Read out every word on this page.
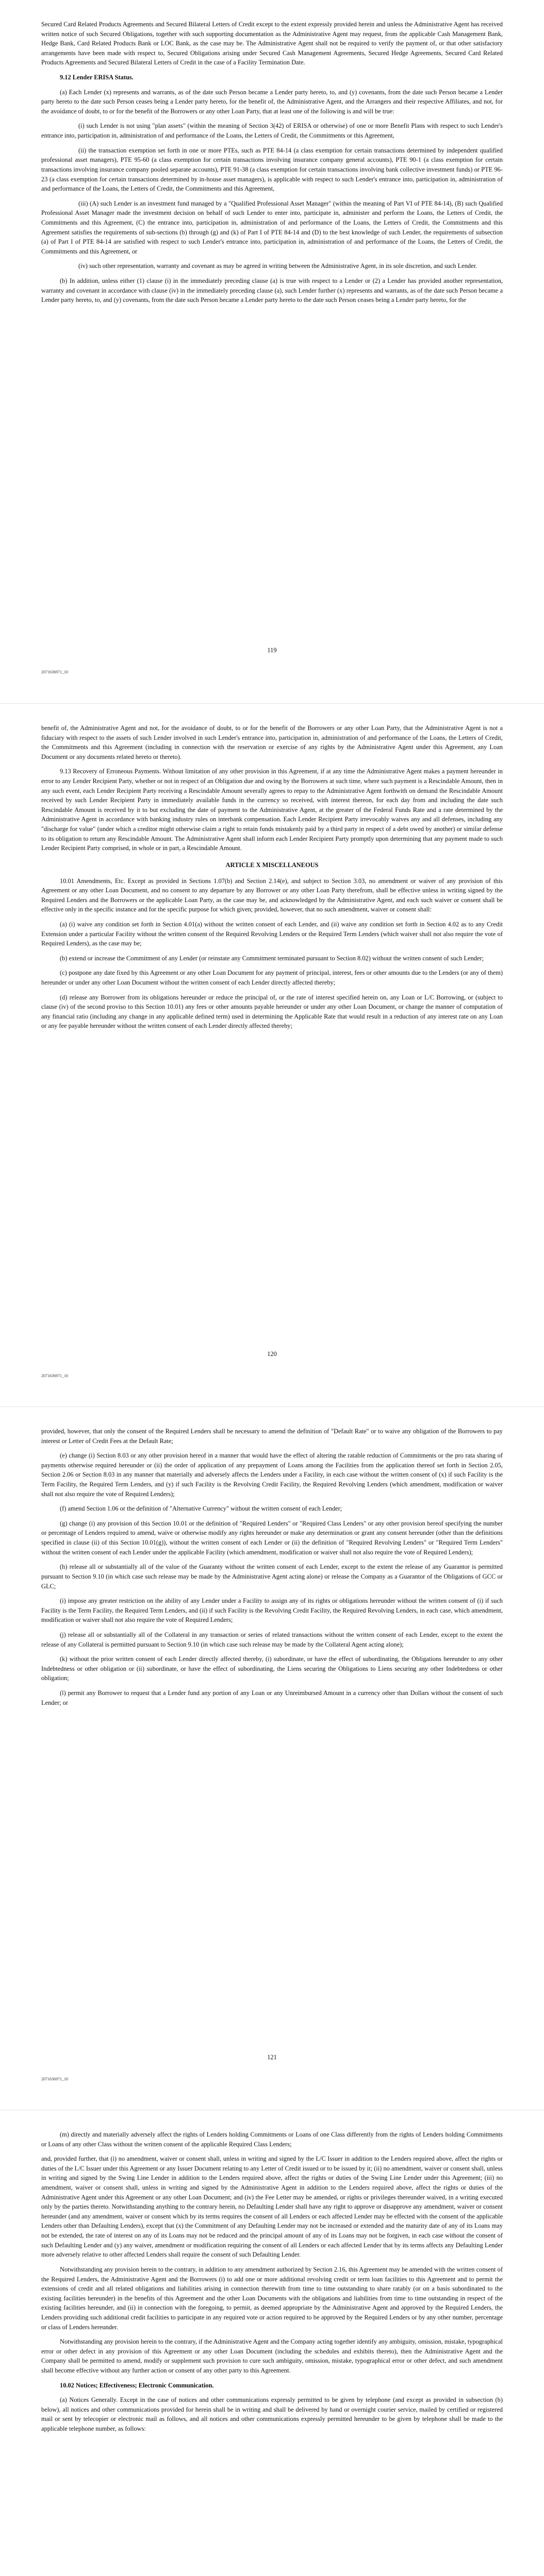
Secured Card Related Products Agreements and Secured Bilateral Letters of Credit except to the extent expressly provided herein and unless the Administrative Agent has received written notice of such Secured Obligations, together with such supporting documentation as the Administrative Agent may request, from the applicable Cash Management Bank, Hedge Bank, Card Related Products Bank or LOC Bank, as the case may be. The Administrative Agent shall not be required to verify the payment of, or that other satisfactory arrangements have been made with respect to, Secured Obligations arising under Secured Cash Management Agreements, Secured Hedge Agreements, Secured Card Related Products Agreements and Secured Bilateral Letters of Credit in the case of a Facility Termination Date.

9.12 Lender ERISA Status.

(a) Each Lender (x) represents and warrants, as of the date such Person became a Lender party hereto, to, and (y) covenants, from the date such Person became a Lender party hereto to the date such Person ceases being a Lender party hereto, for the benefit of, the Administrative Agent, and the Arrangers and their respective Affiliates, and not, for the avoidance of doubt, to or for the benefit of the Borrowers or any other Loan Party, that at least one of the following is and will be true:

(i) such Lender is not using "plan assets" (within the meaning of Section 3(42) of ERISA or otherwise) of one or more Benefit Plans with respect to such Lender's entrance into, participation in, administration of and performance of the Loans, the Letters of Credit, the Commitments or this Agreement,

(ii) the transaction exemption set forth in one or more PTEs, such as PTE 84-14 (a class exemption for certain transactions determined by independent qualified professional asset managers), PTE 95-60 (a class exemption for certain transactions involving insurance company general accounts), PTE 90-1 (a class exemption for certain transactions involving insurance company pooled separate accounts), PTE 91-38 (a class exemption for certain transactions involving bank collective investment funds) or PTE 96-23 (a class exemption for certain transactions determined by in-house asset managers), is applicable with respect to such Lender's entrance into, participation in, administration of and performance of the Loans, the Letters of Credit, the Commitments and this Agreement,

(iii) (A) such Lender is an investment fund managed by a "Qualified Professional Asset Manager" (within the meaning of Part VI of PTE 84-14), (B) such Qualified Professional Asset Manager made the investment decision on behalf of such Lender to enter into, participate in, administer and perform the Loans, the Letters of Credit, the Commitments and this Agreement, (C) the entrance into, participation in, administration of and performance of the Loans, the Letters of Credit, the Commitments and this Agreement satisfies the requirements of sub-sections (b) through (g) and (k) of Part I of PTE 84-14 and (D) to the best knowledge of such Lender, the requirements of subsection (a) of Part I of PTE 84-14 are satisfied with respect to such Lender's entrance into, participation in, administration of and performance of the Loans, the Letters of Credit, the Commitments and this Agreement, or

(iv) such other representation, warranty and covenant as may be agreed in writing between the Administrative Agent, in its sole discretion, and such Lender.

(b) In addition, unless either (1) clause (i) in the immediately preceding clause (a) is true with respect to a Lender or (2) a Lender has provided another representation, warranty and covenant in accordance with clause (iv) in the immediately preceding clause (a), such Lender further (x) represents and warrants, as of the date such Person became a Lender party hereto, to, and (y) covenants, from the date such Person became a Lender party hereto to the date such Person ceases being a Lender party hereto, for the

119
2071636971_10

benefit of, the Administrative Agent and not, for the avoidance of doubt, to or for the benefit of the Borrowers or any other Loan Party, that the Administrative Agent is not a fiduciary with respect to the assets of such Lender involved in such Lender's entrance into, participation in, administration of and performance of the Loans, the Letters of Credit, the Commitments and this Agreement (including in connection with the reservation or exercise of any rights by the Administrative Agent under this Agreement, any Loan Document or any documents related hereto or thereto).

9.13 Recovery of Erroneous Payments. Without limitation of any other provision in this Agreement, if at any time the Administrative Agent makes a payment hereunder in error to any Lender Recipient Party, whether or not in respect of an Obligation due and owing by the Borrowers at such time, where such payment is a Rescindable Amount, then in any such event, each Lender Recipient Party receiving a Rescindable Amount severally agrees to repay to the Administrative Agent forthwith on demand the Rescindable Amount received by such Lender Recipient Party in immediately available funds in the currency so received, with interest thereon, for each day from and including the date such Rescindable Amount is received by it to but excluding the date of payment to the Administrative Agent, at the greater of the Federal Funds Rate and a rate determined by the Administrative Agent in accordance with banking industry rules on interbank compensation. Each Lender Recipient Party irrevocably waives any and all defenses, including any "discharge for value" (under which a creditor might otherwise claim a right to retain funds mistakenly paid by a third party in respect of a debt owed by another) or similar defense to its obligation to return any Rescindable Amount. The Administrative Agent shall inform each Lender Recipient Party promptly upon determining that any payment made to such Lender Recipient Party comprised, in whole or in part, a Rescindable Amount.

ARTICLE X MISCELLANEOUS

10.01 Amendments, Etc. Except as provided in Sections 1.07(b) and Section 2.14(e), and subject to Section 3.03, no amendment or waiver of any provision of this Agreement or any other Loan Document, and no consent to any departure by any Borrower or any other Loan Party therefrom, shall be effective unless in writing signed by the Required Lenders and the Borrowers or the applicable Loan Party, as the case may be, and acknowledged by the Administrative Agent, and each such waiver or consent shall be effective only in the specific instance and for the specific purpose for which given; provided, however, that no such amendment, waiver or consent shall:

(a) (i) waive any condition set forth in Section 4.01(a) without the written consent of each Lender, and (ii) waive any condition set forth in Section 4.02 as to any Credit Extension under a particular Facility without the written consent of the Required Revolving Lenders or the Required Term Lenders (which waiver shall not also require the vote of Required Lenders), as the case may be;

(b) extend or increase the Commitment of any Lender (or reinstate any Commitment terminated pursuant to Section 8.02) without the written consent of such Lender;

(c) postpone any date fixed by this Agreement or any other Loan Document for any payment of principal, interest, fees or other amounts due to the Lenders (or any of them) hereunder or under any other Loan Document without the written consent of each Lender directly affected thereby;

(d) release any Borrower from its obligations hereunder or reduce the principal of, or the rate of interest specified herein on, any Loan or L/C Borrowing, or (subject to clause (iv) of the second proviso to this Section 10.01) any fees or other amounts payable hereunder or under any other Loan Document, or change the manner of computation of any financial ratio (including any change in any applicable defined term) used in determining the Applicable Rate that would result in a reduction of any interest rate on any Loan or any fee payable hereunder without the written consent of each Lender directly affected thereby;

120
2071636971_10

provided, however, that only the consent of the Required Lenders shall be necessary to amend the definition of "Default Rate" or to waive any obligation of the Borrowers to pay interest or Letter of Credit Fees at the Default Rate;

(e) change (i) Section 8.03 or any other provision hereof in a manner that would have the effect of altering the ratable reduction of Commitments or the pro rata sharing of payments otherwise required hereunder or (ii) the order of application of any prepayment of Loans among the Facilities from the application thereof set forth in Section 2.05, Section 2.06 or Section 8.03 in any manner that materially and adversely affects the Lenders under a Facility, in each case without the written consent of (x) if such Facility is the Term Facility, the Required Term Lenders, and (y) if such Facility is the Revolving Credit Facility, the Required Revolving Lenders (which amendment, modification or waiver shall not also require the vote of Required Lenders);

(f) amend Section 1.06 or the definition of "Alternative Currency" without the written consent of each Lender;

(g) change (i) any provision of this Section 10.01 or the definition of "Required Lenders" or "Required Class Lenders" or any other provision hereof specifying the number or percentage of Lenders required to amend, waive or otherwise modify any rights hereunder or make any determination or grant any consent hereunder (other than the definitions specified in clause (ii) of this Section 10.01(g)), without the written consent of each Lender or (ii) the definition of "Required Revolving Lenders" or "Required Term Lenders" without the written consent of each Lender under the applicable Facility (which amendment, modification or waiver shall not also require the vote of Required Lenders);

(h) release all or substantially all of the value of the Guaranty without the written consent of each Lender, except to the extent the release of any Guarantor is permitted pursuant to Section 9.10 (in which case such release may be made by the Administrative Agent acting alone) or release the Company as a Guarantor of the Obligations of GCC or GLC;

(i) impose any greater restriction on the ability of any Lender under a Facility to assign any of its rights or obligations hereunder without the written consent of (i) if such Facility is the Term Facility, the Required Term Lenders, and (ii) if such Facility is the Revolving Credit Facility, the Required Revolving Lenders, in each case, which amendment, modification or waiver shall not also require the vote of Required Lenders;

(j) release all or substantially all of the Collateral in any transaction or series of related transactions without the written consent of each Lender, except to the extent the release of any Collateral is permitted pursuant to Section 9.10 (in which case such release may be made by the Collateral Agent acting alone);

(k) without the prior written consent of each Lender directly affected thereby, (i) subordinate, or have the effect of subordinating, the Obligations hereunder to any other Indebtedness or other obligation or (ii) subordinate, or have the effect of subordinating, the Liens securing the Obligations to Liens securing any other Indebtedness or other obligation;

(l) permit any Borrower to request that a Lender fund any portion of any Loan or any Unreimbursed Amount in a currency other than Dollars without the consent of such Lender; or

121
2071636971_10

(m) directly and materially adversely affect the rights of Lenders holding Commitments or Loans of one Class differently from the rights of Lenders holding Commitments or Loans of any other Class without the written consent of the applicable Required Class Lenders;

and, provided further, that (i) no amendment, waiver or consent shall, unless in writing and signed by the L/C Issuer in addition to the Lenders required above, affect the rights or duties of the L/C Issuer under this Agreement or any Issuer Document relating to any Letter of Credit issued or to be issued by it; (ii) no amendment, waiver or consent shall, unless in writing and signed by the Swing Line Lender in addition to the Lenders required above, affect the rights or duties of the Swing Line Lender under this Agreement; (iii) no amendment, waiver or consent shall, unless in writing and signed by the Administrative Agent in addition to the Lenders required above, affect the rights or duties of the Administrative Agent under this Agreement or any other Loan Document; and (iv) the Fee Letter may be amended, or rights or privileges thereunder waived, in a writing executed only by the parties thereto. Notwithstanding anything to the contrary herein, no Defaulting Lender shall have any right to approve or disapprove any amendment, waiver or consent hereunder (and any amendment, waiver or consent which by its terms requires the consent of all Lenders or each affected Lender may be effected with the consent of the applicable Lenders other than Defaulting Lenders), except that (x) the Commitment of any Defaulting Lender may not be increased or extended and the maturity date of any of its Loans may not be extended, the rate of interest on any of its Loans may not be reduced and the principal amount of any of its Loans may not be forgiven, in each case without the consent of such Defaulting Lender and (y) any waiver, amendment or modification requiring the consent of all Lenders or each affected Lender that by its terms affects any Defaulting Lender more adversely relative to other affected Lenders shall require the consent of such Defaulting Lender.

Notwithstanding any provision herein to the contrary, in addition to any amendment authorized by Section 2.16, this Agreement may be amended with the written consent of the Required Lenders, the Administrative Agent and the Borrowers (i) to add one or more additional revolving credit or term loan facilities to this Agreement and to permit the extensions of credit and all related obligations and liabilities arising in connection therewith from time to time outstanding to share ratably (or on a basis subordinated to the existing facilities hereunder) in the benefits of this Agreement and the other Loan Documents with the obligations and liabilities from time to time outstanding in respect of the existing facilities hereunder, and (ii) in connection with the foregoing, to permit, as deemed appropriate by the Administrative Agent and approved by the Required Lenders, the Lenders providing such additional credit facilities to participate in any required vote or action required to be approved by the Required Lenders or by any other number, percentage or class of Lenders hereunder.

Notwithstanding any provision herein to the contrary, if the Administrative Agent and the Company acting together identify any ambiguity, omission, mistake, typographical error or other defect in any provision of this Agreement or any other Loan Document (including the schedules and exhibits thereto), then the Administrative Agent and the Company shall be permitted to amend, modify or supplement such provision to cure such ambiguity, omission, mistake, typographical error or other defect, and such amendment shall become effective without any further action or consent of any other party to this Agreement.

10.02 Notices; Effectiveness; Electronic Communication.

(a) Notices Generally. Except in the case of notices and other communications expressly permitted to be given by telephone (and except as provided in subsection (b) below), all notices and other communications provided for herein shall be in writing and shall be delivered by hand or overnight courier service, mailed by certified or registered mail or sent by telecopier or electronic mail as follows, and all notices and other communications expressly permitted hereunder to be given by telephone shall be made to the applicable telephone number, as follows:
